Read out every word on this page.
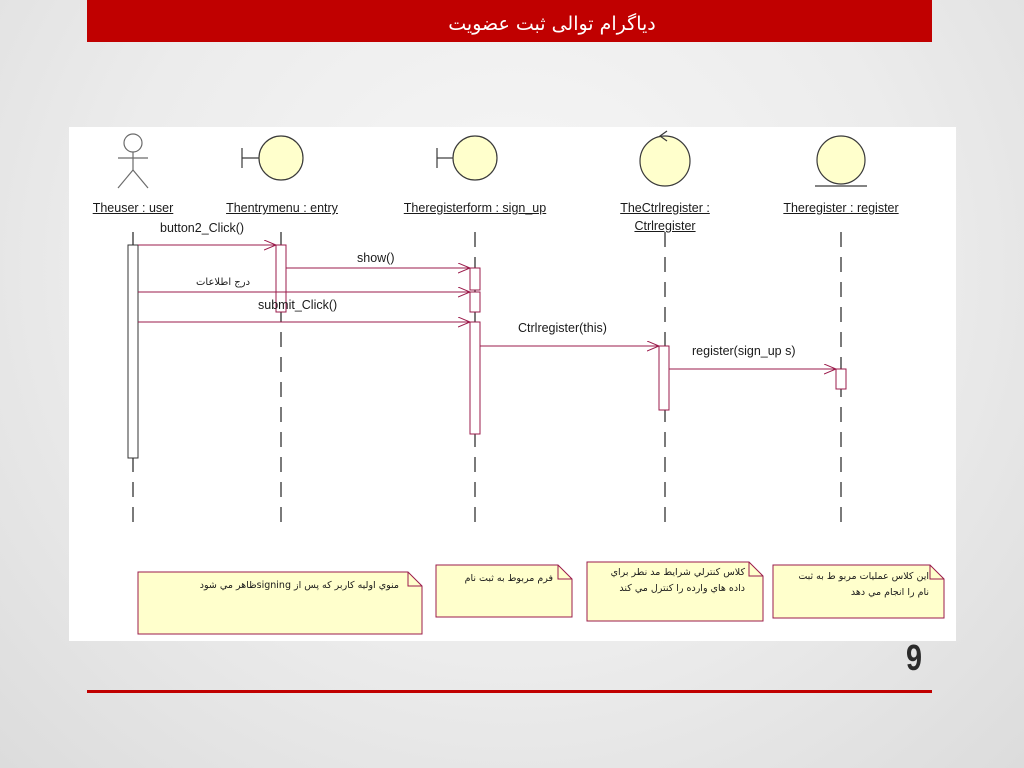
دیاگرام توالی ثبت عضویت
Theuser : user	Thentrymenu : entry	Theregisterform : sign_up	TheCtrlregister :
Ctrlregister
Theregister : register
button2_Click()
show()
درج اطلاعات
submit_Click()
Ctrlregister(this)
register(sign_up s)
منوي اوليه كاربر كه پس از signingظاهر مي شود
فرم مربوط به ثبت نام
كلاس كنترلي شرايط مد نطر براي
داده هاي وارده را كنترل مي كند
اين كلاس عمليات مربو ط به ثبت
نام را انجام مي دهد
9
